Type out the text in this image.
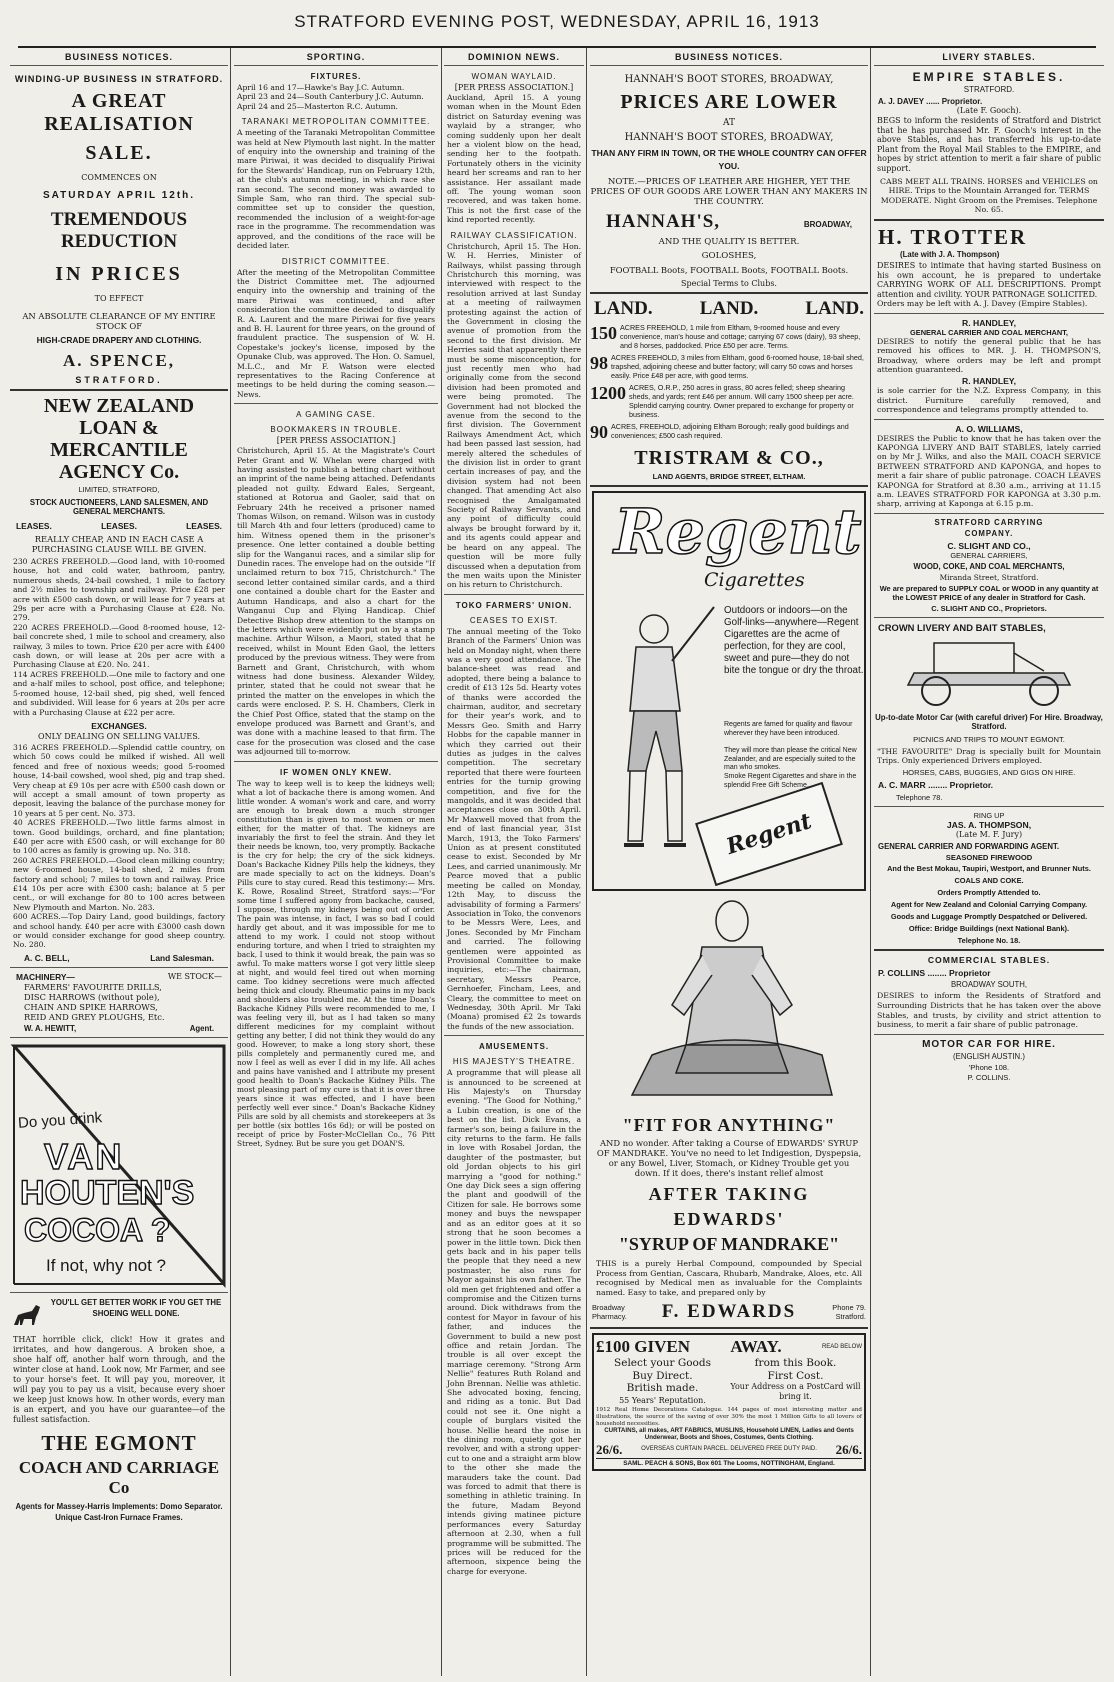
STRATFORD EVENING POST, WEDNESDAY, APRIL 16, 1913
BUSINESS NOTICES.
WINDING-UP BUSINESS IN STRATFORD.
A GREAT REALISATION
SALE.
COMMENCES ON
SATURDAY APRIL 12th.
TREMENDOUS REDUCTION
IN PRICES
TO EFFECT
AN ABSOLUTE CLEARANCE OF MY ENTIRE STOCK OF
HIGH-CRADE DRAPERY AND CLOTHING.
A. SPENCE,
STRATFORD.
NEW ZEALAND
LOAN & MERCANTILE
AGENCY Co.
LIMITED, STRATFORD,
STOCK AUCTIONEERS, LAND SALESMEN, AND GENERAL MERCHANTS.
LEASES.	LEASES.	LEASES.
REALLY CHEAP, AND IN EACH CASE A PURCHASING CLAUSE WILL BE GIVEN.
230 ACRES FREEHOLD.—Good land, with 10-roomed house, hot and cold water, bathroom, pantry, numerous sheds, 24-bail cowshed, 1 mile to factory and 2½ miles to township and railway. Price £28 per acre with £500 cash down, or will lease for 7 years at 29s per acre with a Purchasing Clause at £28. No. 279.
220 ACRES FREEHOLD.—Good 8-roomed house, 12-bail concrete shed, 1 mile to school and creamery, also railway, 3 miles to town. Price £20 per acre with £400 cash down, or will lease at 20s per acre with a Purchasing Clause at £20. No. 241.
114 ACRES FREEHOLD.—One mile to factory and one and a-half miles to school, post office, and telephone; 5-roomed house, 12-bail shed, pig shed, well fenced and subdivided. Will lease for 6 years at 20s per acre with a Purchasing Clause at £22 per acre.
EXCHANGES.
ONLY DEALING ON SELLING VALUES.
316 ACRES FREEHOLD.—Splendid cattle country, on which 50 cows could be milked if wished. All well fenced and free of noxious weeds; good 5-roomed house, 14-bail cowshed, wool shed, pig and trap shed. Very cheap at £9 10s per acre with £500 cash down or will accept a small amount of town property as deposit, leaving the balance of the purchase money for 10 years at 5 per cent. No. 373.
40 ACRES FREEHOLD.—Two little farms almost in town. Good buildings, orchard, and fine plantation; £40 per acre with £500 cash, or will exchange for 80 to 100 acres as family is growing up. No. 318.
260 ACRES FREEHOLD.—Good clean milking country; new 6-roomed house, 14-bail shed, 2 miles from factory and school; 7 miles to town and railway. Price £14 10s per acre with £300 cash; balance at 5 per cent., or will exchange for 80 to 100 acres between New Plymouth and Marton. No. 283.
600 ACRES.—Top Dairy Land, good buildings, factory and school handy. £40 per acre with £3000 cash down or would consider exchange for good sheep country. No. 280.
A. C. BELL,	Land Salesman.
MACHINERY—	WE STOCK—
FARMERS' FAVOURITE DRILLS,
DISC HARROWS (without pole),
CHAIN AND SPIKE HARROWS,
REID AND GREY PLOUGHS, Etc.
W. A. HEWITT,	Agent.
Do you drink
VAN
HOUTEN'S
COCOA ?
If not, why not ?
YOU'LL GET BETTER WORK IF YOU GET THE SHOEING WELL DONE.
THAT horrible click, click! How it grates and irritates, and how dangerous. A broken shoe, a shoe half off, another half worn through, and the winter close at hand. Look now, Mr Farmer, and see to your horse's feet. It will pay you, moreover, it will pay you to pay us a visit, because every shoer we keep just knows how. In other words, every man is an expert, and you have our guarantee—of the fullest satisfaction.
THE EGMONT
COACH AND CARRIAGE Co
Agents for Massey-Harris Implements: Domo Separator. Unique Cast-Iron Furnace Frames.
SPORTING.
FIXTURES.
April 16 and 17—Hawke's Bay J.C. Autumn.
April 23 and 24—South Canterbury J.C. Autumn.
April 24 and 25—Masterton R.C. Autumn.
TARANAKI METROPOLITAN COMMITTEE.
A meeting of the Taranaki Metropolitan Committee was held at New Plymouth last night. In the matter of enquiry into the ownership and training of the mare Piriwai, it was decided to disqualify Piriwai for the Stewards' Handicap, run on February 12th, at the club's autumn meeting, in which race she ran second. The second money was awarded to Simple Sam, who ran third. The special sub-committee set up to consider the question, recommended the inclusion of a weight-for-age race in the programme. The recommendation was approved, and the conditions of the race will be decided later.
DISTRICT COMMITTEE.
After the meeting of the Metropolitan Committee the District Committee met. The adjourned enquiry into the ownership and training of the mare Piriwai was continued, and after consideration the committee decided to disqualify R. A. Laurent and the mare Piriwai for five years and B. H. Laurent for three years, on the ground of fraudulent practice. The suspension of W. H. Copestake's jockey's license, imposed by the Opunake Club, was approved. The Hon. O. Samuel, M.L.C., and Mr F. Watson were elected representatives to the Racing Conference at meetings to be held during the coming season.—News.
A GAMING CASE.
BOOKMAKERS IN TROUBLE.
[PER PRESS ASSOCIATION.]
Christchurch, April 15. At the Magistrate's Court Peter Grant and W. Whelan were charged with having assisted to publish a betting chart without an imprint of the name being attached. Defendants pleaded not guilty. Edward Eales, Sergeant, stationed at Rotorua and Gaoler, said that on February 24th he received a prisoner named Thomas Wilson, on remand. Wilson was in custody till March 4th and four letters (produced) came to him. Witness opened them in the prisoner's presence. One letter contained a double betting slip for the Wanganui races, and a similar slip for Dunedin races. The envelope had on the outside "If unclaimed return to box 715, Christchurch." The second letter contained similar cards, and a third one contained a double chart for the Easter and Autumn Handicaps, and also a chart for the Wanganui Cup and Flying Handicap. Chief Detective Bishop drew attention to the stamps on the letters which were evidently put on by a stamp machine. Arthur Wilson, a Maori, stated that he received, whilst in Mount Eden Gaol, the letters produced by the previous witness. They were from Barnett and Grant, Christchurch, with whom witness had done business. Alexander Wildey, printer, stated that he could not swear that he printed the matter on the envelopes in which the cards were enclosed. P. S. H. Chambers, Clerk in the Chief Post Office, stated that the stamp on the envelope produced was Barnett and Grant's, and was done with a machine leased to that firm. The case for the prosecution was closed and the case was adjourned till to-morrow.
IF WOMEN ONLY KNEW.
The way to keep well is to keep the kidneys well; what a lot of backache there is among women. And little wonder. A woman's work and care, and worry are enough to break down a much stronger constitution than is given to most women or men either, for the matter of that. The kidneys are invariably the first to feel the strain. And they let their needs be known, too, very promptly. Backache is the cry for help; the cry of the sick kidneys. Doan's Backache Kidney Pills help the kidneys, they are made specially to act on the kidneys. Doan's Pills cure to stay cured. Read this testimony:— Mrs. K. Rowe, Rosalind Street, Stratford says:—"For some time I suffered agony from backache, caused, I suppose, through my kidneys being out of order. The pain was intense, in fact, I was so bad I could hardly get about, and it was impossible for me to attend to my work. I could not stoop without enduring torture, and when I tried to straighten my back, I used to think it would break, the pain was so awful. To make matters worse I got very little sleep at night, and would feel tired out when morning came. Too kidney secretions were much affected being thick and cloudy. Rheumatic pains in my back and shoulders also troubled me. At the time Doan's Backache Kidney Pills were recommended to me, I was feeling very ill, but as I had taken so many different medicines for my complaint without getting any better, I did not think they would do any good. However, to make a long story short, these pills completely and permanently cured me, and now I feel as well as ever I did in my life. All aches and pains have vanished and I attribute my present good health to Doan's Backache Kidney Pills. The most pleasing part of my cure is that it is over three years since it was effected, and I have been perfectly well ever since." Doan's Backache Kidney Pills are sold by all chemists and storekeepers at 3s per bottle (six bottles 16s 6d); or will be posted on receipt of price by Foster-McClellan Co., 76 Pitt Street, Sydney. But be sure you get DOAN'S.
DOMINION NEWS.
WOMAN WAYLAID.
[PER PRESS ASSOCIATION.]
Auckland, April 15. A young woman when in the Mount Eden district on Saturday evening was waylaid by a stranger, who coming suddenly upon her dealt her a violent blow on the head, sending her to the footpath. Fortunately others in the vicinity heard her screams and ran to her assistance. Her assailant made off. The young woman soon recovered, and was taken home. This is not the first case of the kind reported recently.
RAILWAY CLASSIFICATION.
Christchurch, April 15. The Hon. W. H. Herries, Minister of Railways, whilst passing through Christchurch this morning, was interviewed with respect to the resolution arrived at last Sunday at a meeting of railwaymen protesting against the action of the Government in closing the avenue of promotion from the second to the first division. Mr Herries said that apparently there must be some misconception, for just recently men who had originally come from the second division had been promoted and were being promoted. The Government had not blocked the avenue from the second to the first division. The Government Railways Amendment Act, which had been passed last session, had merely altered the schedules of the division list in order to grant certain increases of pay, and the division system had not been changed. That amending Act also recognised the Amalgamated Society of Railway Servants, and any point of difficulty could always be brought forward by it, and its agents could appear and be heard on any appeal. The question will be more fully discussed when a deputation from the men waits upon the Minister on his return to Christchurch.
TOKO FARMERS' UNION.
CEASES TO EXIST.
The annual meeting of the Toko Branch of the Farmers' Union was held on Monday night, when there was a very good attendance. The balance-sheet was read and adopted, there being a balance to credit of £13 12s 5d. Hearty votes of thanks were accorded the chairman, auditor, and secretary for their year's work, and to Messrs Geo. Smith and Harry Hobbs for the capable manner in which they carried out their duties as judges in the calves competition. The secretary reported that there were fourteen entries for the turnip growing competition, and five for the mangolds, and it was decided that acceptances close on 30th April. Mr Maxwell moved that from the end of last financial year, 31st March, 1913, the Toko Farmers' Union as at present constituted cease to exist. Seconded by Mr Lees, and carried unanimously. Mr Pearce moved that a public meeting be called on Monday, 12th May, to discuss the advisability of forming a Farmers' Association in Toko, the convenors to be Messrs Were, Lees, and Jones. Seconded by Mr Fincham and carried. The following gentlemen were appointed as Provisional Committee to make inquiries, etc:—The chairman, secretary, Messrs Pearce, Gernhoefer, Fincham, Lees, and Cleary, the committee to meet on Wednesday, 30th April. Mr Taki (Moana) promised £2 2s towards the funds of the new association.
AMUSEMENTS.
HIS MAJESTY'S THEATRE.
A programme that will please all is announced to be screened at His Majesty's on Thursday evening. "The Good for Nothing," a Lubin creation, is one of the best on the list. Dick Evans, a farmer's son, being a failure in the city returns to the farm. He falls in love with Rosabel Jordan, the daughter of the postmaster, but old Jordan objects to his girl marrying a "good for nothing." One day Dick sees a sign offering the plant and goodwill of the Citizen for sale. He borrows some money and buys the newspaper and as an editor goes at it so strong that he soon becomes a power in the little town. Dick then gets back and in his paper tells the people that they need a new postmaster, he also runs for Mayor against his own father. The old men get frightened and offer a compromise and the Citizen turns around. Dick withdraws from the contest for Mayor in favour of his father, and induces the Government to build a new post office and retain Jordan. The trouble is all over except the marriage ceremony. "Strong Arm Nellie" features Ruth Roland and John Brennan. Nellie was athletic. She advocated boxing, fencing, and riding as a tonic. But Dad could not see it. One night a couple of burglars visited the house. Nellie heard the noise in the dining room, quietly got her revolver, and with a strong upper-cut to one and a straight arm blow to the other she made the marauders take the count. Dad was forced to admit that there is something in athletic training. In the future, Madam Beyond intends giving matinee picture performances every Saturday afternoon at 2.30, when a full programme will be submitted. The prices will be reduced for the afternoon, sixpence being the charge for everyone.
BUSINESS NOTICES.
HANNAH'S BOOT STORES, BROADWAY,
PRICES ARE LOWER
AT
HANNAH'S BOOT STORES, BROADWAY,
THAN ANY FIRM IN TOWN, OR THE WHOLE COUNTRY CAN OFFER YOU.
NOTE.—PRICES OF LEATHER ARE HIGHER, YET THE PRICES OF OUR GOODS ARE LOWER THAN ANY MAKERS IN THE COUNTRY.
HANNAH'S,	BROADWAY,
AND THE QUALITY IS BETTER.
GOLOSHES,
FOOTBALL Boots, FOOTBALL Boots, FOOTBALL Boots.
Special Terms to Clubs.
LAND. LAND. LAND.
150 ACRES FREEHOLD, 1 mile from Eltham, 9-roomed house and every convenience, man's house and cottage; carrying 67 cows (dairy), 93 sheep, and 8 horses, paddocked. Price £50 per acre. Terms.
98 ACRES FREEHOLD, 3 miles from Eltham, good 6-roomed house, 18-bail shed, trapshed, adjoining cheese and butter factory; will carry 50 cows and horses easily. Price £48 per acre, with good terms.
1200 ACRES, O.R.P., 250 acres in grass, 80 acres felled; sheep shearing sheds, and yards; rent £46 per annum. Will carry 1500 sheep per acre. Splendid carrying country. Owner prepared to exchange for property or business.
90 ACRES, FREEHOLD, adjoining Eltham Borough; really good buildings and conveniences; £500 cash required.
TRISTRAM & CO.,
LAND AGENTS, BRIDGE STREET, ELTHAM.
Regent
Cigarettes
Outdoors or indoors—on the Golf-links—anywhere—Regent Cigarettes are the acme of perfection, for they are cool, sweet and pure—they do not bite the tongue or dry the throat.
Regents are famed for quality and flavour wherever they have been introduced.
They will more than please the critical New Zealander, and are especially suited to the man who smokes.
Smoke Regent Cigarettes and share in the splendid Free Gift Scheme.
Regent
"FIT FOR ANYTHING"
AND no wonder. After taking a Course of EDWARDS' SYRUP OF MANDRAKE. You've no need to let Indigestion, Dyspepsia, or any Bowel, Liver, Stomach, or Kidney Trouble get you down. If it does, there's instant relief almost
AFTER TAKING
EDWARDS'
"SYRUP OF MANDRAKE"
THIS is a purely Herbal Compound, compounded by Special Process from Gentian, Cascara, Rhubarb, Mandrake, Aloes, etc. All recognised by Medical men as invaluable for the Complaints named. Easy to take, and prepared only by
Broadway Pharmacy. F. EDWARDS	Phone 79. Stratford.
£100 GIVEN AWAY.	READ BELOW
Select your Goods
Buy Direct.
British made.
55 Years' Reputation.
from this Book.
First Cost.
Your Address on a PostCard will bring it.
1912 Real Home Decorations Catalogue. 144 pages of most interesting matter and illustrations, the source of the saving of over 30% the most 1 Million Gifts to all lovers of household necessities.
CURTAINS, all makes, ART FABRICS, MUSLINS, Household LINEN, Ladies and Gents Underwear, Boots and Shoes, Costumes, Gents Clothing.
26/6.	OVERSEAS CURTAIN PARCEL. DELIVERED FREE DUTY PAID. 26/6.
SAML. PEACH & SONS, Box 601 The Looms, NOTTINGHAM, England.
LIVERY STABLES.
EMPIRE STABLES.
STRATFORD.
A. J. DAVEY ...... Proprietor.
(Late F. Gooch).
BEGS to inform the residents of Stratford and District that he has purchased Mr. F. Gooch's interest in the above Stables, and has transferred his up-to-date Plant from the Royal Mail Stables to the EMPIRE, and hopes by strict attention to merit a fair share of public support.
CABS MEET ALL TRAINS. HORSES and VEHICLES on HIRE. Trips to the Mountain Arranged for. TERMS MODERATE. Night Groom on the Premises. Telephone No. 65.
H. TROTTER
(Late with J. A. Thompson)
DESIRES to intimate that having started Business on his own account, he is prepared to undertake CARRYING WORK OF ALL DESCRIPTIONS. Prompt attention and civility. YOUR PATRONAGE SOLICITED.
Orders may be left with A. J. Davey (Empire Stables).
R. HANDLEY,
GENERAL CARRIER AND COAL MERCHANT,
DESIRES to notify the general public that he has removed his offices to MR. J. H. THOMPSON'S, Broadway, where orders may be left and prompt attention guaranteed.
R. HANDLEY,
is sole carrier for the N.Z. Express Company, in this district. Furniture carefully removed, and correspondence and telegrams promptly attended to.
A. O. WILLIAMS,
DESIRES the Public to know that he has taken over the KAPONGA LIVERY AND BAIT STABLES, lately carried on by Mr J. Wilks, and also the MAIL COACH SERVICE BETWEEN STRATFORD AND KAPONGA, and hopes to merit a fair share of public patronage. COACH LEAVES KAPONGA for Stratford at 8.30 a.m., arriving at 11.15 a.m. LEAVES STRATFORD FOR KAPONGA at 3.30 p.m. sharp, arriving at Kaponga at 6.15 p.m.
STRATFORD CARRYING
COMPANY.
C. SLIGHT AND CO.,
GENERAL CARRIERS,
WOOD, COKE, AND COAL MERCHANTS,
Miranda Street, Stratford.
We are prepared to SUPPLY COAL or WOOD in any quantity at the LOWEST PRICE of any dealer in Stratford for Cash.
C. SLIGHT AND CO., Proprietors.
CROWN LIVERY AND BAIT STABLES,
Up-to-date Motor Car (with careful driver) For Hire. Broadway, Stratford.
PICNICS AND TRIPS TO MOUNT EGMONT.
"THE FAVOURITE" Drag is specially built for Mountain Trips. Only experienced Drivers employed.
HORSES, CABS, BUGGIES, AND GIGS ON HIRE.
A. C. MARR ........ Proprietor.
Telephone 78.
RING UP
JAS. A. THOMPSON,
(Late M. F. Jury)
GENERAL CARRIER AND FORWARDING AGENT.
SEASONED FIREWOOD
And the Best Mokau, Taupiri, Westport, and Brunner Nuts.
COALS AND COKE.
Orders Promptly Attended to.
Agent for New Zealand and Colonial Carrying Company.
Goods and Luggage Promptly Despatched or Delivered.
Office: Bridge Buildings (next National Bank).
Telephone No. 18.
COMMERCIAL STABLES.
P. COLLINS ........ Proprietor
BROADWAY SOUTH,
DESIRES to inform the Residents of Stratford and Surrounding Districts that he has taken over the above Stables, and trusts, by civility and strict attention to business, to merit a fair share of public patronage.
MOTOR CAR FOR HIRE.
(ENGLISH AUSTIN.)
'Phone 108.
P. COLLINS.
